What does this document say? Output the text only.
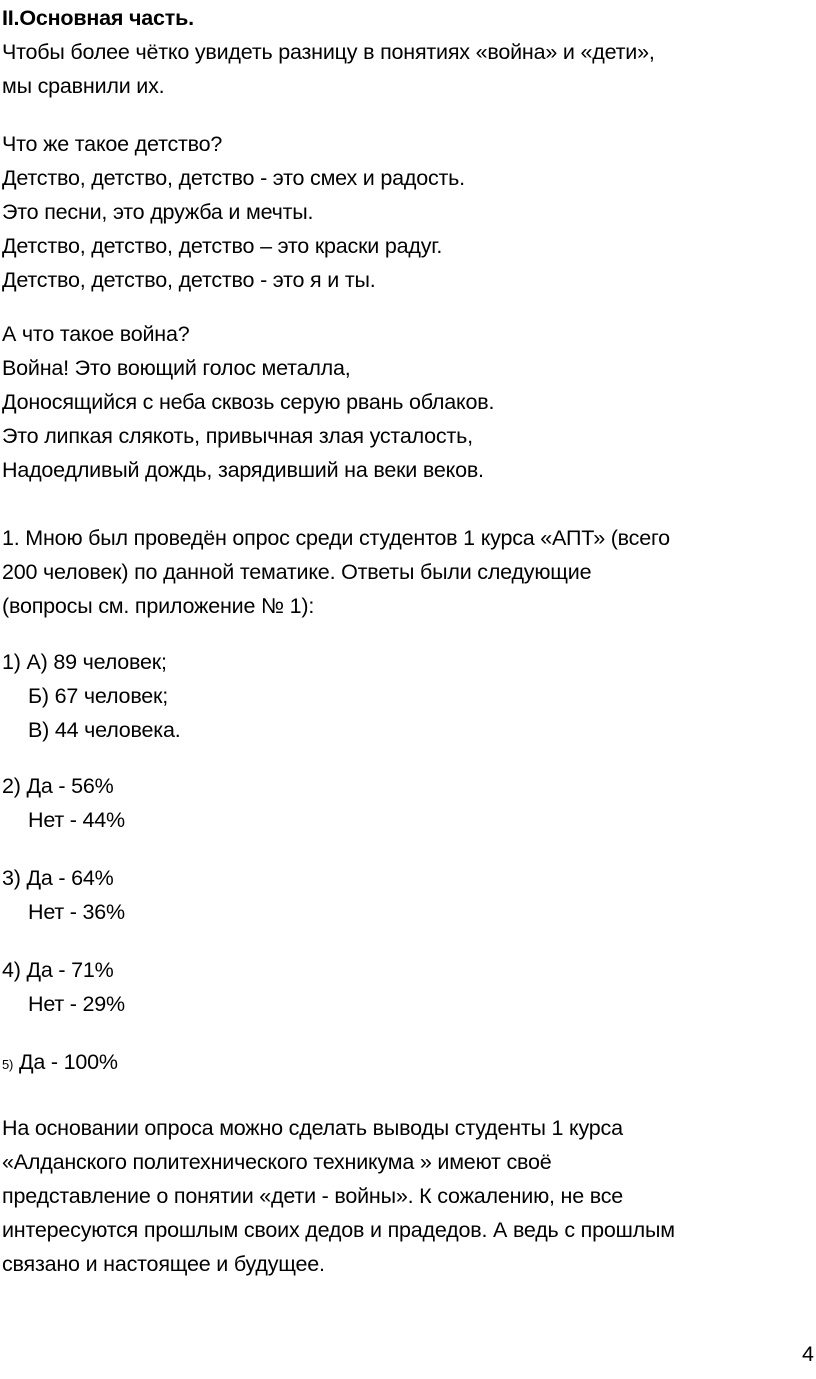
II.Основная часть.
Чтобы более чётко увидеть разницу в понятиях «война» и «дети»,
мы сравнили их.
Что же такое детство?
Детство, детство, детство - это смех и радость.
Это песни, это дружба и мечты.
Детство, детство, детство – это краски радуг.
Детство, детство, детство - это я и ты.
А что такое война?
Война! Это воющий голос металла,
Доносящийся с неба сквозь серую рвань облаков.
Это липкая слякоть, привычная злая усталость,
Надоедливый дождь, зарядивший на веки веков.
1. Мною был проведён опрос среди студентов 1 курса «АПТ» (всего
200 человек) по данной тематике. Ответы были следующие
(вопросы см. приложение № 1):
1) А) 89 человек;
Б) 67 человек;
В) 44 человека.
2) Да - 56%
Нет - 44%
3) Да - 64%
Нет - 36%
4) Да - 71%
Нет - 29%
5) Да - 100%
На основании опроса можно сделать выводы студенты 1 курса
«Алданского политехнического техникума » имеют своё
представление о понятии «дети - войны». К сожалению, не все
интересуются прошлым своих дедов и прадедов. А ведь с прошлым
связано и настоящее и будущее.
4
